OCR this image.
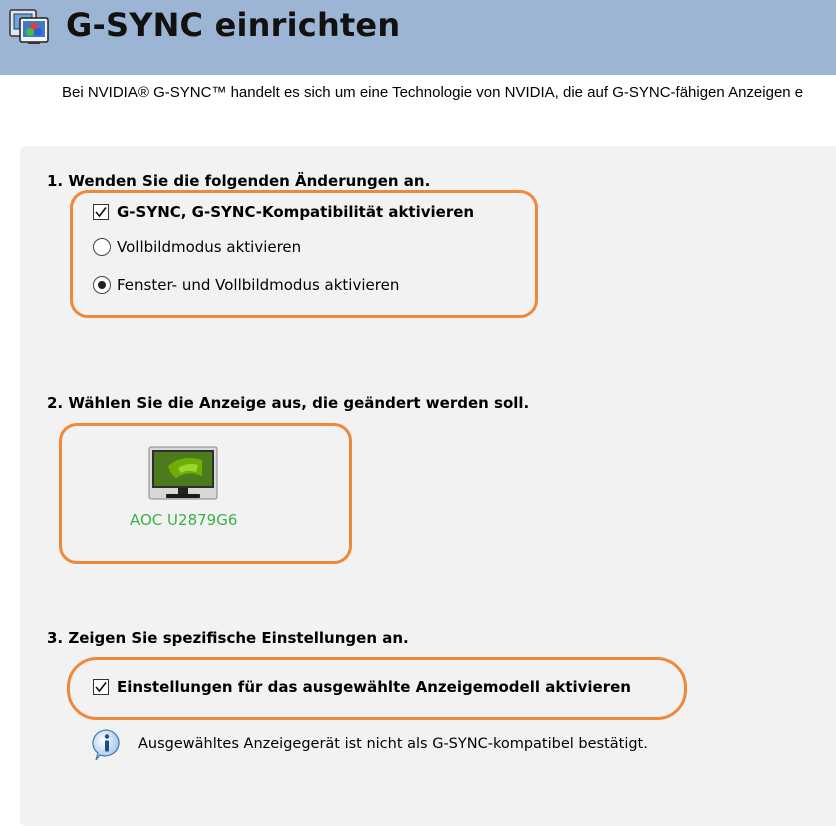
G-SYNC einrichten
Bei NVIDIA® G-SYNC™ handelt es sich um eine Technologie von NVIDIA, die auf G-SYNC-fähigen Anzeigen e
1. Wenden Sie die folgenden Änderungen an.
G-SYNC, G-SYNC-Kompatibilität aktivieren
Vollbildmodus aktivieren
Fenster- und Vollbildmodus aktivieren
2. Wählen Sie die Anzeige aus, die geändert werden soll.
AOC U2879G6
3. Zeigen Sie spezifische Einstellungen an.
Einstellungen für das ausgewählte Anzeigemodell aktivieren
Ausgewähltes Anzeigegerät ist nicht als G-SYNC-kompatibel bestätigt.
